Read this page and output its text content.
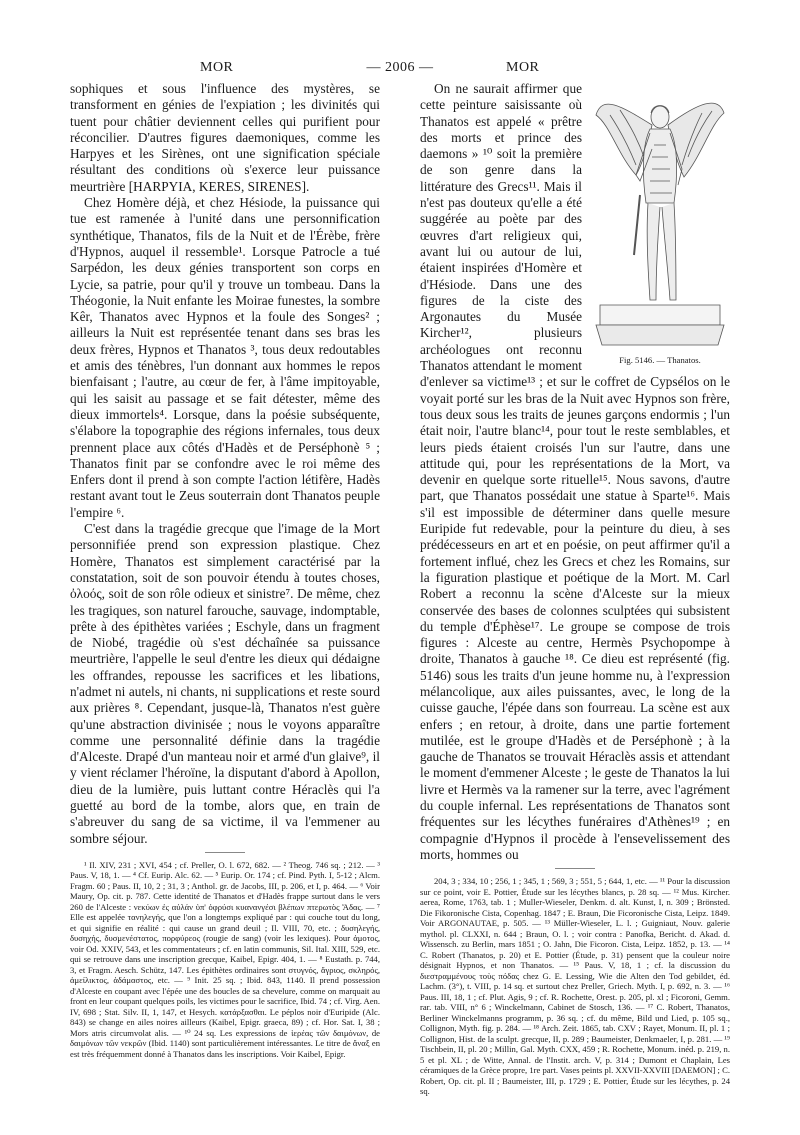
MOR	— 2006 —	MOR

sophiques et sous l'influence des mystères, se transforment en génies de l'expiation ; les divinités qui tuent pour châtier deviennent celles qui purifient pour réconcilier. D'autres figures daemoniques, comme les Harpyes et les Sirènes, ont une signification spéciale résultant des conditions où s'exerce leur puissance meurtrière [HARPYIA, KERES, SIRENES].

Chez Homère déjà, et chez Hésiode, la puissance qui tue est ramenée à l'unité dans une personnification synthétique, Thanatos, fils de la Nuit et de l'Érèbe, frère d'Hypnos, auquel il ressemble¹. Lorsque Patrocle a tué Sarpédon, les deux génies transportent son corps en Lycie, sa patrie, pour qu'il y trouve un tombeau. Dans la Théogonie, la Nuit enfante les Moirae funestes, la sombre Kêr, Thanatos avec Hypnos et la foule des Songes² ; ailleurs la Nuit est représentée tenant dans ses bras les deux frères, Hypnos et Thanatos ³, tous deux redoutables et amis des ténèbres, l'un donnant aux hommes le repos bienfaisant ; l'autre, au cœur de fer, à l'âme impitoyable, qui les saisit au passage et se fait détester, même des dieux immortels⁴. Lorsque, dans la poésie subséquente, s'élabore la topographie des régions infernales, tous deux prennent place aux côtés d'Hadès et de Perséphonè ⁵ ; Thanatos finit par se confondre avec le roi même des Enfers dont il prend à son compte l'action létifère, Hadès restant avant tout le Zeus souterrain dont Thanatos peuple l'empire ⁶.

C'est dans la tragédie grecque que l'image de la Mort personnifiée prend son expression plastique. Chez Homère, Thanatos est simplement caractérisé par la constatation, soit de son pouvoir étendu à toutes choses, ὀλοός, soit de son rôle odieux et sinistre⁷. De même, chez les tragiques, son naturel farouche, sauvage, indomptable, prête à des épithètes variées ; Eschyle, dans un fragment de Niobé, tragédie où s'est déchaînée sa puissance meurtrière, l'appelle le seul d'entre les dieux qui dédaigne les offrandes, repousse les sacrifices et les libations, n'admet ni autels, ni chants, ni supplications et reste sourd aux prières ⁸. Cependant, jusque-là, Thanatos n'est guère qu'une abstraction divinisée ; nous le voyons apparaître comme une personnalité définie dans la tragédie d'Alceste. Drapé d'un manteau noir et armé d'un glaive⁹, il y vient réclamer l'héroïne, la disputant d'abord à Apollon, dieu de la lumière, puis luttant contre Héraclès qui l'a guetté au bord de la tombe, alors que, en train de s'abreuver du sang de sa victime, il va l'emmener au sombre séjour.

¹ Il. XIV, 231 ; XVI, 454 ; cf. Preller, O. l. 672, 682. — ² Theog. 746 sq. ; 212. — ³ Paus. V, 18, 1. — ⁴ Cf. Eurip. Alc. 62. — ⁵ Eurip. Or. 174 ; cf. Pind. Pyth. I, 5-12 ; Alcm. Fragm. 60 ; Paus. II, 10, 2 ; 31, 3 ; Anthol. gr. de Jacobs, III, p. 206, et I, p. 464. — ⁶ Voir Maury, Op. cit. p. 787. Cette identité de Thanatos et d'Hadès frappe surtout dans le vers 260 de l'Alceste : νεκύων ἐς αὐλάν ὑπ' ὀφρύσι κυανανγέσι βλέπων πτερωτὸς Ἅδας. — ⁷ Elle est appelée τανηλεγής, que l'on a longtemps expliqué par : qui couche tout du long, et qui signifie en réalité : qui cause un grand deuil ; Il. VIII, 70, etc. ; δυσηλεγής, δυσηχής, δυσμενέστατος, πορφύρεος (rougie de sang) (voir les lexiques). Pour ἀμοτος, voir Od. XXIV, 543, et les commentateurs ; cf. en latin communis, Sil. Ital. XIII, 529, etc. qui se retrouve dans une inscription grecque, Kaibel, Epigr. 404, 1. — ⁸ Eustath. p. 744, 3, et Fragm. Aesch. Schütz, 147. Les épithètes ordinaires sont στυγνός, ἄγριος, σκληρός, ἀμείλικτος, ἀδάμαστος, etc. — ⁹ Init. 25 sq. ; Ibid. 843, 1140. Il prend possession d'Alceste en coupant avec l'épée une des boucles de sa chevelure, comme on marquait au front en leur coupant quelques poils, les victimes pour le sacrifice, Ibid. 74 ; cf. Virg. Aen. IV, 698 ; Stat. Silv. II, 1, 147, et Hesych. κατάρξασθαι. Le péplos noir d'Euripide (Alc. 843) se change en ailes noires ailleurs (Kaibel, Epigr. graeca, 89) ; cf. Hor. Sat. I, 38 ; Mors atris circumvolat alis. — ¹⁰ 24 sq. Les expressions de ἱερέας τῶν δαιμόνων, de δαιμόνων τῶν νεκρῶν (Ibid. 1140) sont particulièrement intéressantes. Le titre de ἄναξ en est très fréquemment donné à Thanatos dans les inscriptions. Voir Kaibel, Epigr.

Fig. 5146. — Thanatos.

On ne saurait affirmer que cette peinture saisissante où Thanatos est appelé « prêtre des morts et prince des daemons » ¹⁰ soit la première de son genre dans la littérature des Grecs¹¹. Mais il n'est pas douteux qu'elle a été suggérée au poète par des œuvres d'art religieux qui, avant lui ou autour de lui, étaient inspirées d'Homère et d'Hésiode. Dans une des figures de la ciste des Argonautes du Musée Kircher¹², plusieurs archéologues ont reconnu Thanatos attendant le moment d'enlever sa victime¹³ ; et sur le coffret de Cypsélos on le voyait porté sur les bras de la Nuit avec Hypnos son frère, tous deux sous les traits de jeunes garçons endormis ; l'un était noir, l'autre blanc¹⁴, pour tout le reste semblables, et leurs pieds étaient croisés l'un sur l'autre, dans une attitude qui, pour les représentations de la Mort, va devenir en quelque sorte rituelle¹⁵. Nous savons, d'autre part, que Thanatos possédait une statue à Sparte¹⁶. Mais s'il est impossible de déterminer dans quelle mesure Euripide fut redevable, pour la peinture du dieu, à ses prédécesseurs en art et en poésie, on peut affirmer qu'il a fortement influé, chez les Grecs et chez les Romains, sur la figuration plastique et poétique de la Mort. M. Carl Robert a reconnu la scène d'Alceste sur la mieux conservée des bases de colonnes sculptées qui subsistent du temple d'Éphèse¹⁷. Le groupe se compose de trois figures : Alceste au centre, Hermès Psychopompe à droite, Thanatos à gauche ¹⁸. Ce dieu est représenté (fig. 5146) sous les traits d'un jeune homme nu, à l'expression mélancolique, aux ailes puissantes, avec, le long de la cuisse gauche, l'épée dans son fourreau. La scène est aux enfers ; en retour, à droite, dans une partie fortement mutilée, est le groupe d'Hadès et de Perséphonè ; à la gauche de Thanatos se trouvait Héraclès assis et attendant le moment d'emmener Alceste ; le geste de Thanatos la lui livre et Hermès va la ramener sur la terre, avec l'agrément du couple infernal. Les représentations de Thanatos sont fréquentes sur les lécythes funéraires d'Athènes¹⁹ ; en compagnie d'Hypnos il procède à l'ensevelissement des morts, hommes ou

204, 3 ; 334, 10 ; 256, 1 ; 345, 1 ; 569, 3 ; 551, 5 ; 644, 1, etc. — ¹¹ Pour la discussion sur ce point, voir E. Pottier, Étude sur les lécythes blancs, p. 28 sq. — ¹² Mus. Kircher. aerea, Rome, 1763, tab. 1 ; Muller-Wieseler, Denkm. d. alt. Kunst, I, n. 309 ; Brönsted. Die Fikoronische Cista, Copenhag. 1847 ; E. Braun, Die Ficoronische Cista, Leipz. 1849. Voir ARGONAUTAE, p. 505. — ¹³ Müller-Wieseler, L. l. ; Guigniaut, Nouv. galerie mythol. pl. CLXXI, n. 644 ; Braun, O. l. ; voir contra : Panofka, Bericht. d. Akad. d. Wissensch. zu Berlin, mars 1851 ; O. Jahn, Die Ficoron. Cista, Leipz. 1852, p. 13. — ¹⁴ C. Robert (Thanatos, p. 20) et E. Pottier (Étude, p. 31) pensent que la couleur noire désignait Hypnos, et non Thanatos. — ¹⁵ Paus. V, 18, 1 ; cf. la discussion du διεστραμμένους τοὺς πόδας chez G. E. Lessing, Wie die Alten den Tod gebildet, éd. Lachm. (3°), t. VIII, p. 14 sq. et surtout chez Preller, Griech. Myth. I, p. 692, n. 3. — ¹⁶ Paus. III, 18, 1 ; cf. Plut. Agis, 9 ; cf. R. Rochette, Orest. p. 205, pl. xl ; Ficoroni, Gemm. rar. tab. VIII, n° 6 ; Winckelmann, Cabinet de Stosch, 136. — ¹⁷ C. Robert, Thanatos, Berliner Winckelmanns programm, p. 36 sq. ; cf. du même, Bild und Lied, p. 105 sq., Collignon, Myth. fig. p. 284. — ¹⁸ Arch. Zeit. 1865, tab. CXV ; Rayet, Monum. II, pl. 1 ; Collignon, Hist. de la sculpt. grecque, II, p. 289 ; Baumeister, Denkmaeler, I, p. 281. — ¹⁹ Tischbein, II, pl. 20 ; Millin, Gal. Myth. CXX, 459 ; R. Rochette, Monum. inéd. p. 219, n. 5 et pl. XL ; de Witte, Annal. de l'Instit. arch. V, p. 314 ; Dumont et Chaplain, Les céramiques de la Grèce propre, 1re part. Vases peints pl. XXVII-XXVIII [DAEMON] ; C. Robert, Op. cit. pl. II ; Baumeister, III, p. 1729 ; E. Pottier, Étude sur les lécythes, p. 24 sq.
